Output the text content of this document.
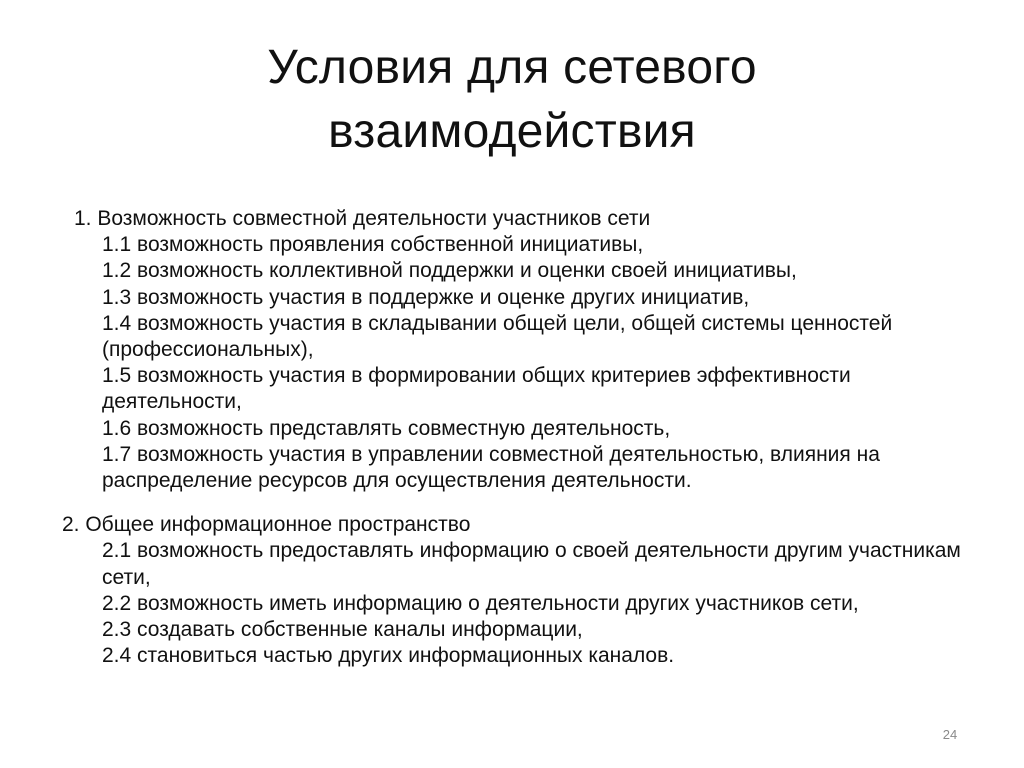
Условия для сетевого
взаимодействия

1. Возможность совместной деятельности участников сети

1.1 возможность проявления собственной инициативы,
1.2 возможность коллективной поддержки и оценки своей инициативы,
1.3 возможность участия в поддержке и оценке других инициатив,
1.4 возможность участия в складывании общей цели, общей системы ценностей (профессиональных),
1.5 возможность участия в формировании общих критериев эффективности деятельности,
1.6 возможность представлять совместную деятельность,
1.7 возможность участия в управлении совместной деятельностью, влияния на распределение ресурсов для осуществления деятельности.

2. Общее информационное пространство

2.1 возможность предоставлять информацию о своей деятельности другим участникам сети,
2.2 возможность иметь информацию о деятельности других участников сети,
2.3 создавать собственные каналы информации,
2.4 становиться частью других информационных каналов.
24
